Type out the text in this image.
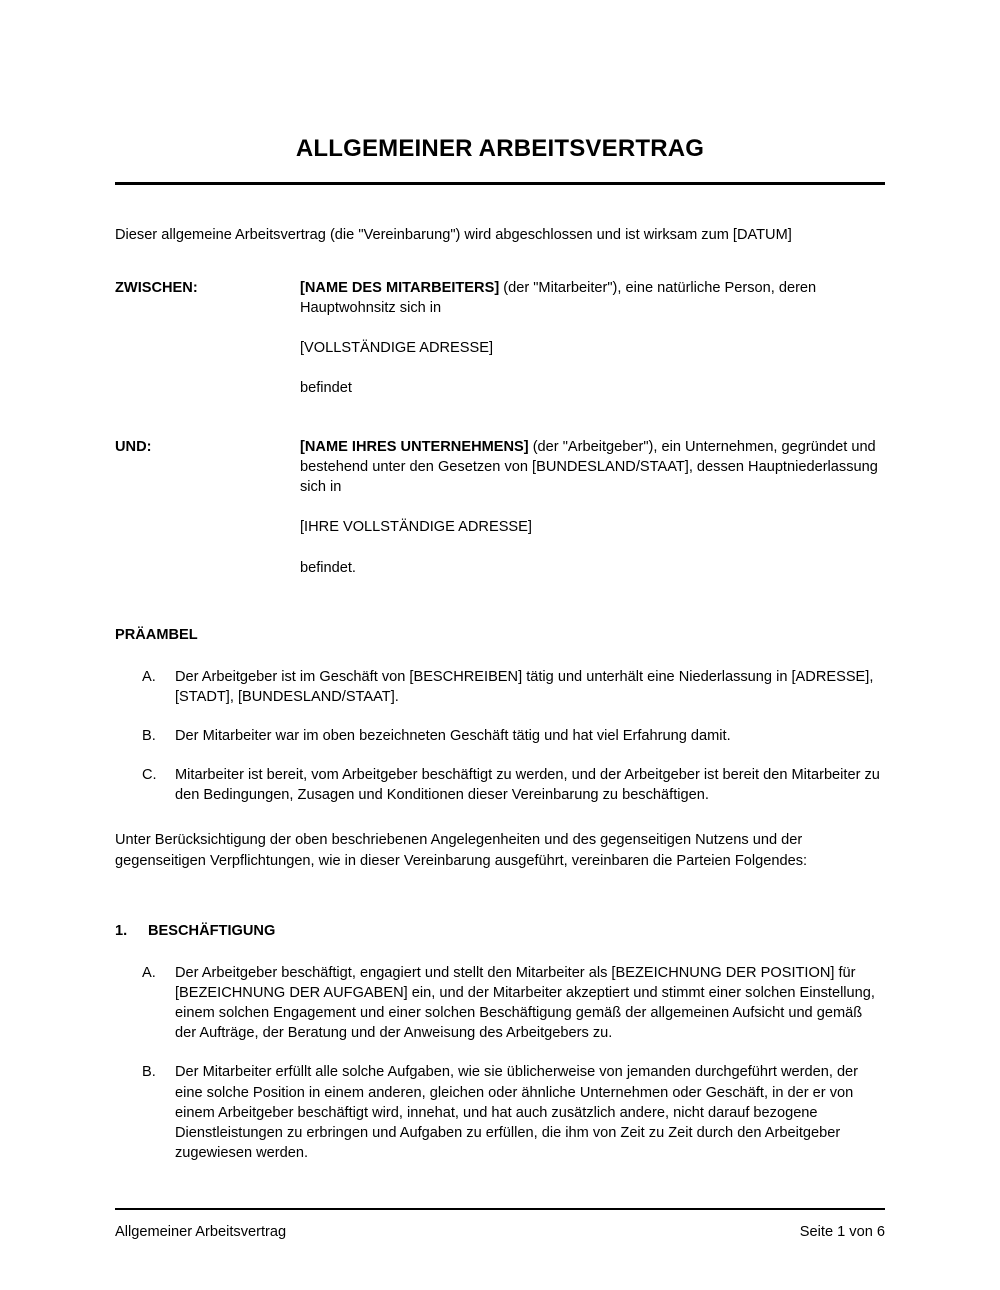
ALLGEMEINER ARBEITSVERTRAG

Dieser allgemeine Arbeitsvertrag (die "Vereinbarung") wird abgeschlossen und ist wirksam zum [DATUM]

ZWISCHEN:	[NAME DES MITARBEITERS] (der "Mitarbeiter"), eine natürliche Person, deren Hauptwohnsitz sich in

[VOLLSTÄNDIGE ADRESSE]

befindet

UND:	[NAME IHRES UNTERNEHMENS] (der "Arbeitgeber"), ein Unternehmen, gegründet und bestehend unter den Gesetzen von [BUNDESLAND/STAAT], dessen Hauptniederlassung sich in

[IHRE VOLLSTÄNDIGE ADRESSE]

befindet.

PRÄAMBEL
A.	Der Arbeitgeber ist im Geschäft von [BESCHREIBEN] tätig und unterhält eine Niederlassung in [ADRESSE], [STADT], [BUNDESLAND/STAAT].
B.	Der Mitarbeiter war im oben bezeichneten Geschäft tätig und hat viel Erfahrung damit.
C.	Mitarbeiter ist bereit, vom Arbeitgeber beschäftigt zu werden, und der Arbeitgeber ist bereit den Mitarbeiter zu den Bedingungen, Zusagen und Konditionen dieser Vereinbarung zu beschäftigen.

Unter Berücksichtigung der oben beschriebenen Angelegenheiten und des gegenseitigen Nutzens und der gegenseitigen Verpflichtungen, wie in dieser Vereinbarung ausgeführt, vereinbaren die Parteien Folgendes:

1.	BESCHÄFTIGUNG
A.	Der Arbeitgeber beschäftigt, engagiert und stellt den Mitarbeiter als [BEZEICHNUNG DER POSITION] für [BEZEICHNUNG DER AUFGABEN] ein, und der Mitarbeiter akzeptiert und stimmt einer solchen Einstellung, einem solchen Engagement und einer solchen Beschäftigung gemäß der allgemeinen Aufsicht und gemäß der Aufträge, der Beratung und der Anweisung des Arbeitgebers zu.
B.	Der Mitarbeiter erfüllt alle solche Aufgaben, wie sie üblicherweise von jemanden durchgeführt werden, der eine solche Position in einem anderen, gleichen oder ähnliche Unternehmen oder Geschäft, in der er von einem Arbeitgeber beschäftigt wird, innehat, und hat auch zusätzlich andere, nicht darauf bezogene Dienstleistungen zu erbringen und Aufgaben zu erfüllen, die ihm von Zeit zu Zeit durch den Arbeitgeber zugewiesen werden.
Allgemeiner Arbeitsvertrag	Seite 1 von 6
